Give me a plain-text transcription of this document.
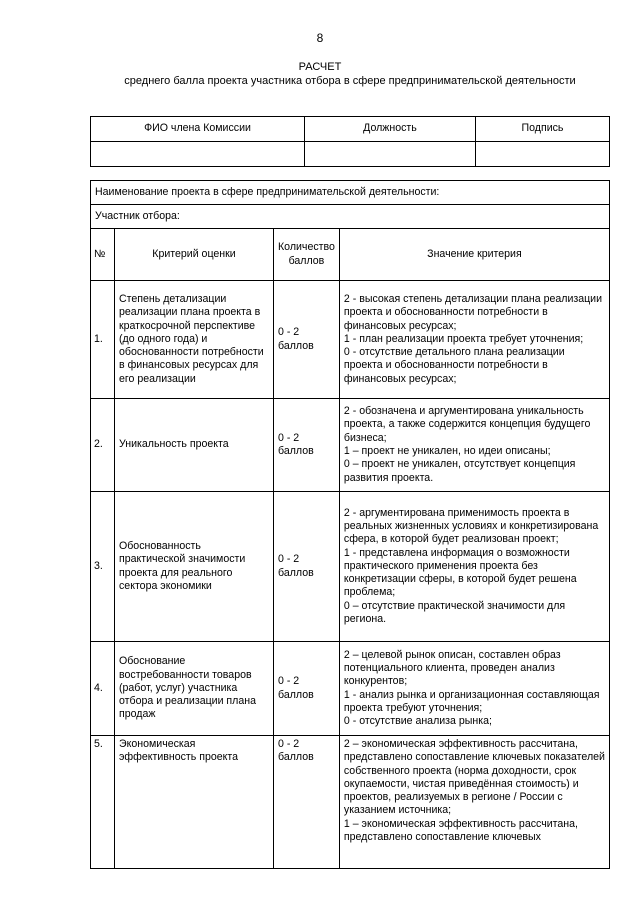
8
РАСЧЕТ
среднего балла проекта участника отбора в сфере предпринимательской деятельности
ФИО члена Комиссии	Должность	Подпись

Наименование проекта в сфере предпринимательской деятельности:			
Участник отбора:			
№	Критерий оценки	Количество баллов	Значение критерия
1.	Степень детализации реализации плана проекта в краткосрочной перспективе (до одного года) и обоснованности потребности в финансовых ресурсах для его реализации	0 - 2 баллов	2 - высокая степень детализации плана реализации проекта и обоснованности потребности в финансовых ресурсах;
1 - план реализации проекта требует уточнения;
0 - отсутствие детального плана реализации проекта и обоснованности потребности в финансовых ресурсах;

2.	Уникальность проекта	0 - 2 баллов	2 - обозначена и аргументирована уникальность проекта, а также содержится концепция будущего бизнеса;
1 – проект не уникален, но идеи описаны;
0 – проект не уникален, отсутствует концепция развития проекта.

3.	Обоснованность практической значимости проекта для реального сектора экономики	0 - 2 баллов	2 - аргументирована применимость проекта в реальных жизненных условиях и конкретизирована сфера, в которой будет реализован проект;
1 - представлена информация о возможности практического применения проекта без конкретизации сферы, в которой будет решена проблема;
0 – отсутствие практической значимости для региона.

4.	Обоснование востребованности товаров (работ, услуг) участника отбора и реализации плана продаж	0 - 2 баллов	2 – целевой рынок описан, составлен образ потенциального клиента, проведен анализ конкурентов;
1 - анализ рынка и организационная составляющая проекта требуют уточнения;
0 - отсутствие анализа рынка;

5.	Экономическая эффективность проекта	0 - 2 баллов	2 – экономическая эффективность рассчитана, представлено сопоставление ключевых показателей собственного проекта (норма доходности, срок окупаемости, чистая приведённая стоимость) и проектов, реализуемых в регионе / России с указанием источника;
1 – экономическая эффективность рассчитана, представлено сопоставление ключевых
